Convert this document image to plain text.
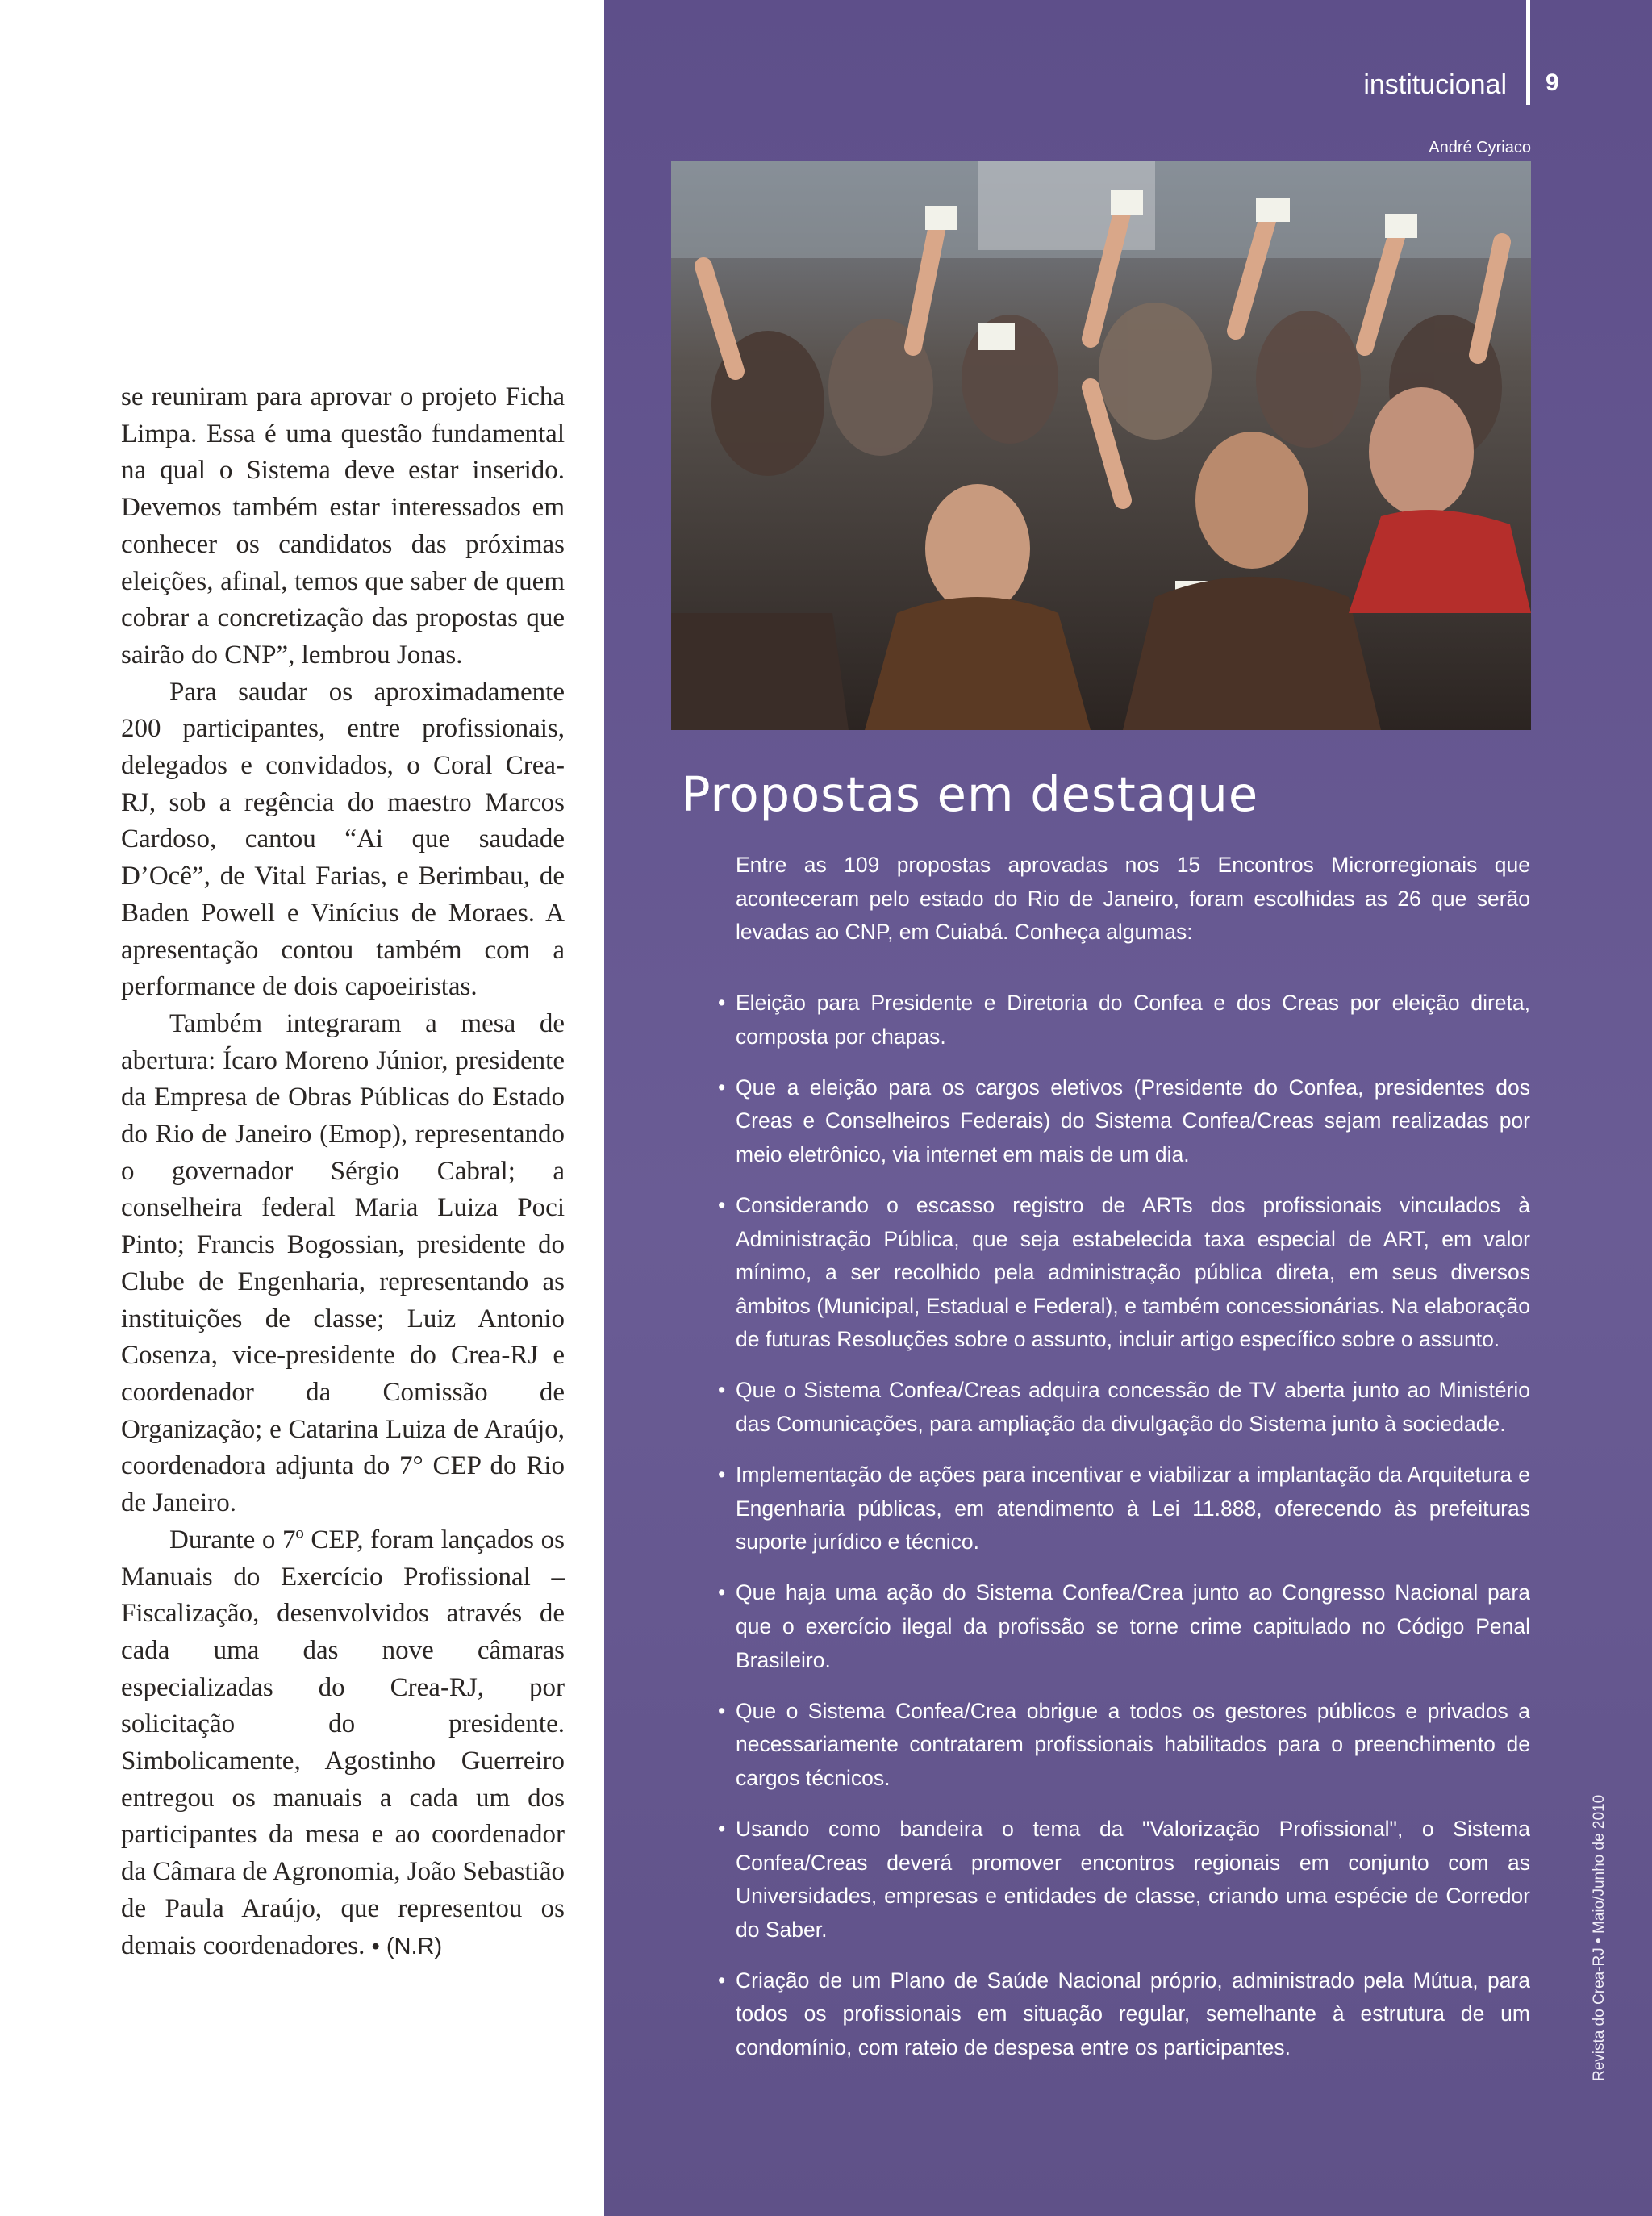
se reuniram para aprovar o projeto Ficha Limpa. Essa é uma questão fundamental na qual o Sistema deve estar inserido. Devemos também estar interessados em conhecer os candidatos das próximas eleições, afinal, temos que saber de quem cobrar a concretização das propostas que sairão do CNP”, lembrou Jonas.

Para saudar os aproximadamente 200 participantes, entre profissionais, delegados e convidados, o Coral Crea-RJ, sob a regência do maestro Marcos Cardoso, cantou “Ai que saudade D’Ocê”, de Vital Farias, e Berimbau, de Baden Powell e Vinícius de Moraes. A apresentação contou também com a performance de dois capoeiristas.

Também integraram a mesa de abertura: Ícaro Moreno Júnior, presidente da Empresa de Obras Públicas do Estado do Rio de Janeiro (Emop), representando o governador Sérgio Cabral; a conselheira federal Maria Luiza Poci Pinto; Francis Bogossian, presidente do Clube de Engenharia, representando as instituições de classe; Luiz Antonio Cosenza, vice-presidente do Crea-RJ e coordenador da Comissão de Organização; e Catarina Luiza de Araújo, coordenadora adjunta do 7° CEP do Rio de Janeiro.

Durante o 7º CEP, foram lançados os Manuais do Exercício Profissional – Fiscalização, desenvolvidos através de cada uma das nove câmaras especializadas do Crea-RJ, por solicitação do presidente. Simbolicamente, Agostinho Guerreiro entregou os manuais a cada um dos participantes da mesa e ao coordenador da Câmara de Agronomia, João Sebastião de Paula Araújo, que representou os demais coordenadores. • (N.R)

institucional 9
André Cyriaco
Propostas em destaque

Entre as 109 propostas aprovadas nos 15 Encontros Microrregionais que aconteceram pelo estado do Rio de Janeiro, foram escolhidas as 26 que serão levadas ao CNP, em Cuiabá. Conheça algumas:

• Eleição para Presidente e Diretoria do Confea e dos Creas por eleição direta, composta por chapas.
• Que a eleição para os cargos eletivos (Presidente do Confea, presidentes dos Creas e Conselheiros Federais) do Sistema Confea/Creas sejam realizadas por meio eletrônico, via internet em mais de um dia.
• Considerando o escasso registro de ARTs dos profissionais vinculados à Administração Pública, que seja estabelecida taxa especial de ART, em valor mínimo, a ser recolhido pela administração pública direta, em seus diversos âmbitos (Municipal, Estadual e Federal), e também concessionárias. Na elaboração de futuras Resoluções sobre o assunto, incluir artigo específico sobre o assunto.
• Que o Sistema Confea/Creas adquira concessão de TV aberta junto ao Ministério das Comunicações, para ampliação da divulgação do Sistema junto à sociedade.
• Implementação de ações para incentivar e viabilizar a implantação da Arquitetura e Engenharia públicas, em atendimento à Lei 11.888, oferecendo às prefeituras suporte jurídico e técnico.
• Que haja uma ação do Sistema Confea/Crea junto ao Congresso Nacional para que o exercício ilegal da profissão se torne crime capitulado no Código Penal Brasileiro.
• Que o Sistema Confea/Crea obrigue a todos os gestores públicos e privados a necessariamente contratarem profissionais habilitados para o preenchimento de cargos técnicos.
• Usando como bandeira o tema da "Valorização Profissional", o Sistema Confea/Creas deverá promover encontros regionais em conjunto com as Universidades, empresas e entidades de classe, criando uma espécie de Corredor do Saber.
• Criação de um Plano de Saúde Nacional próprio, administrado pela Mútua, para todos os profissionais em situação regular, semelhante à estrutura de um condomínio, com rateio de despesa entre os participantes.	Revista do Crea-RJ • Maio/Junho de 2010
